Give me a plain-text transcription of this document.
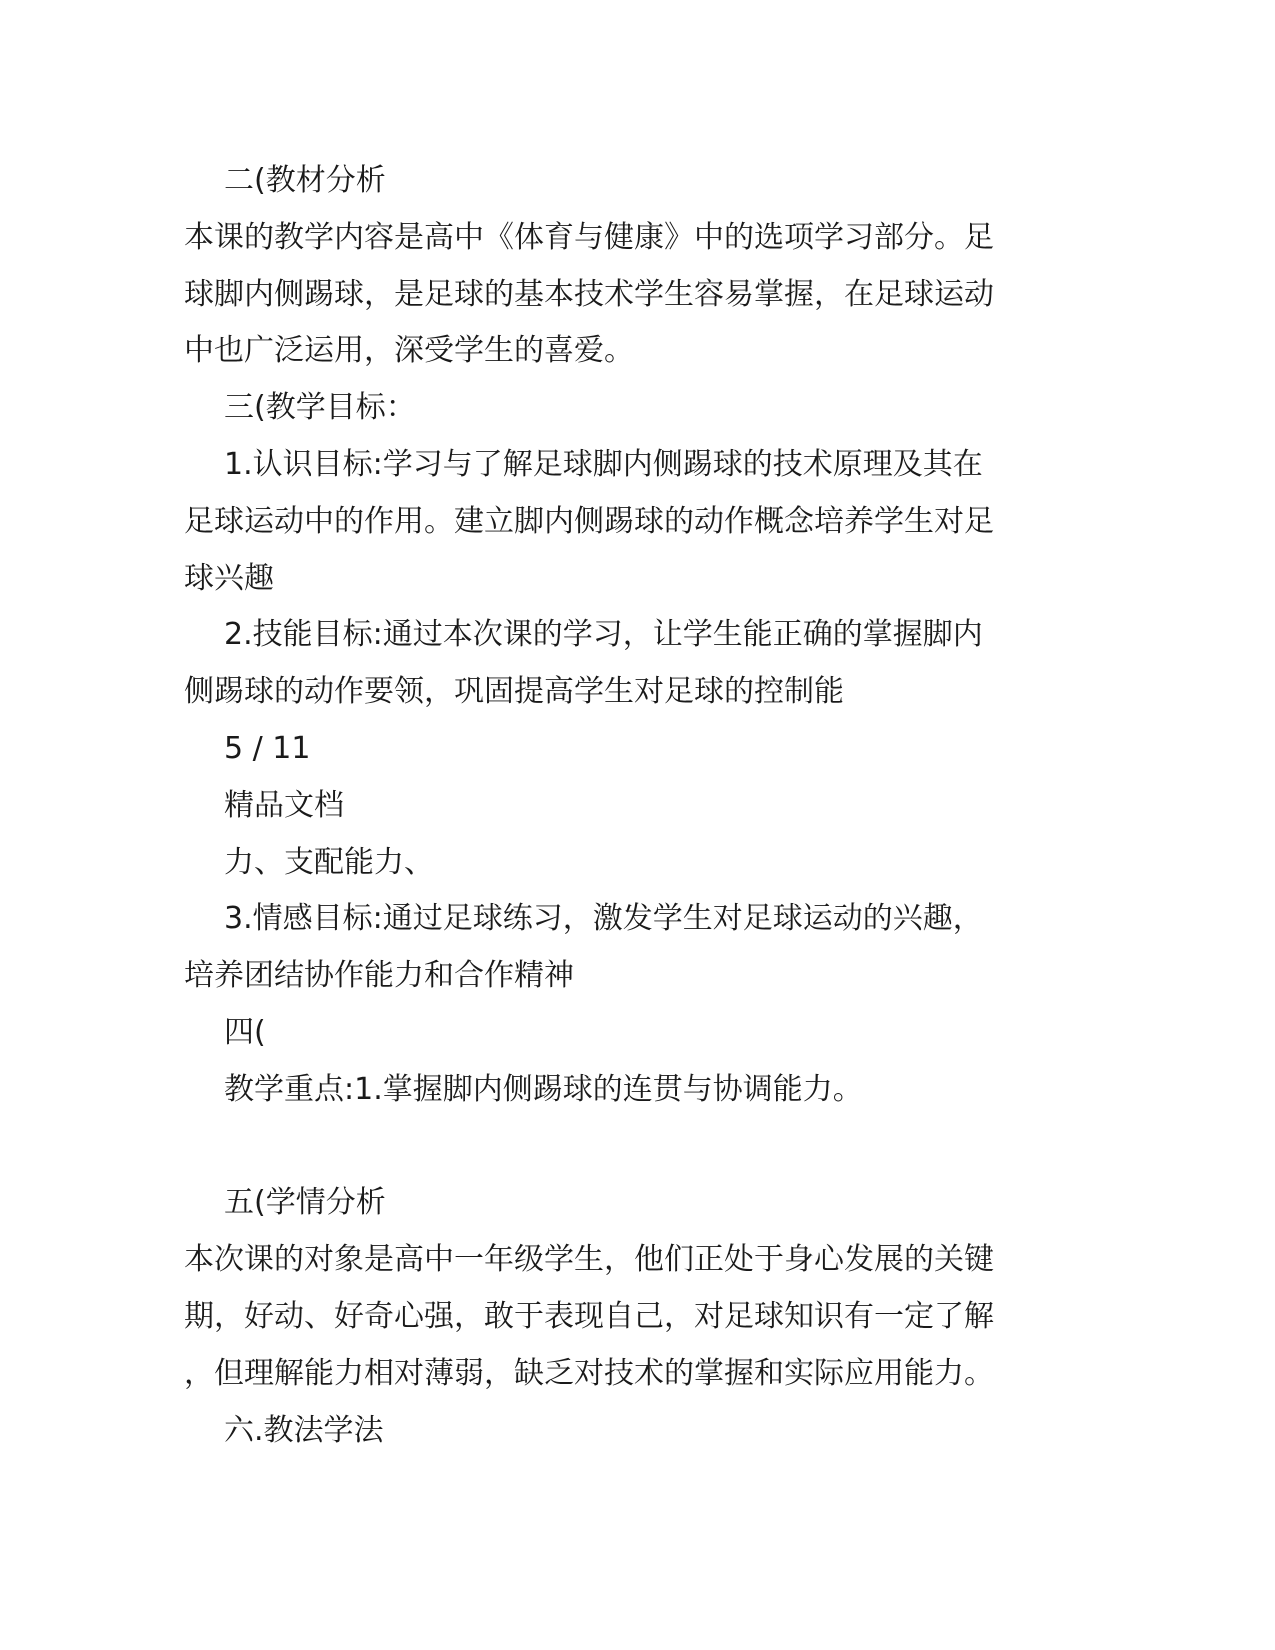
二(教材分析
本课的教学内容是高中《体育与健康》中的选项学习部分。足
球脚内侧踢球，是足球的基本技术学生容易掌握，在足球运动
中也广泛运用，深受学生的喜爱。
三(教学目标：
1.认识目标:学习与了解足球脚内侧踢球的技术原理及其在
足球运动中的作用。建立脚内侧踢球的动作概念培养学生对足
球兴趣
2.技能目标:通过本次课的学习，让学生能正确的掌握脚内
侧踢球的动作要领，巩固提高学生对足球的控制能
5 / 11
精品文档
力、支配能力、
3.情感目标:通过足球练习，激发学生对足球运动的兴趣，
培养团结协作能力和合作精神
四(
教学重点:1.掌握脚内侧踢球的连贯与协调能力。
五(学情分析
本次课的对象是高中一年级学生，他们正处于身心发展的关键
期，好动、好奇心强，敢于表现自己，对足球知识有一定了解
，但理解能力相对薄弱，缺乏对技术的掌握和实际应用能力。
六.教法学法
